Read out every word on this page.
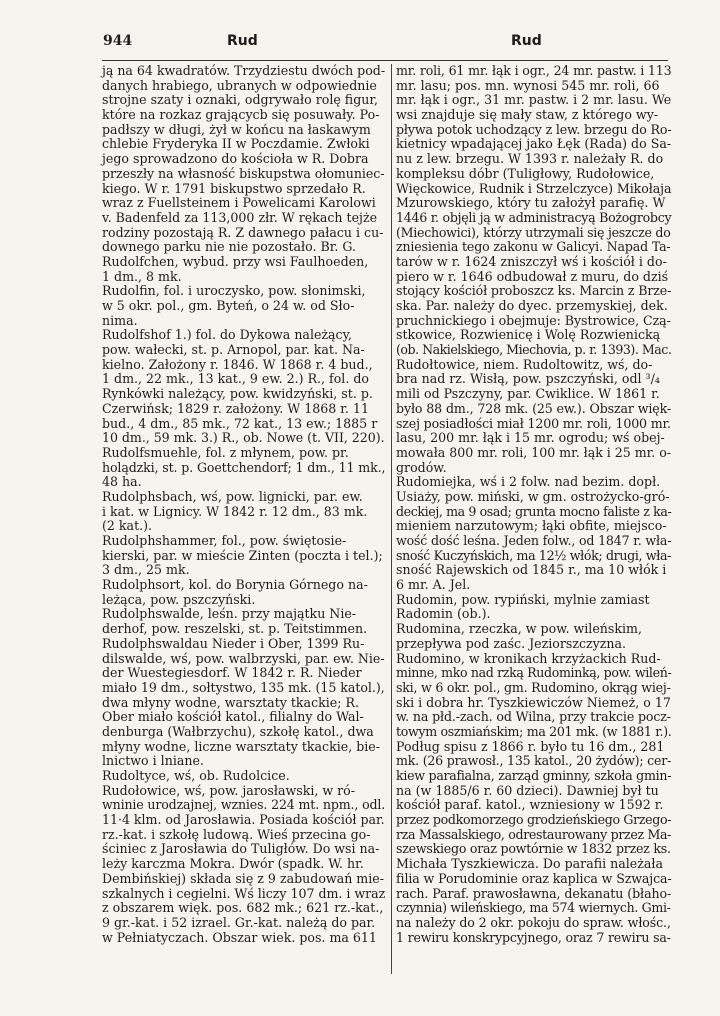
944	Rud	Rud
ją na 64 kwadratów. Trzydziestu dwóch pod-
danych hrabiego, ubranych w odpowiednie
strojne szaty i oznaki, odgrywało rolę figur,
które na rozkaz grającycb się posuwały. Po-
padłszy w długi, żył w końcu na łaskawym
chlebie Fryderyka II w Poczdamie. Zwłoki
jego sprowadzono do kościoła w R. Dobra
przeszły na własność biskupstwa ołomuniec-
kiego. W r. 1791 biskupstwo sprzedało R.
wraz z Fuellsteinem i Powelicami Karolowi
v. Badenfeld za 113,000 złr. W rękach tejże
rodziny pozostają R. Z dawnego pałacu i cu-
downego parku nie nie pozostało. Br. G.
Rudolfchen, wybud. przy wsi Faulhoeden,
1 dm., 8 mk.
Rudolfin, fol. i uroczysko, pow. słonimski,
w 5 okr. pol., gm. Byteń, o 24 w. od Sło-
nima.
Rudolfshof 1.) fol. do Dykowa należący,
pow. wałecki, st. p. Arnopol, par. kat. Na-
kielno. Założony r. 1846. W 1868 r. 4 bud.,
1 dm., 22 mk., 13 kat., 9 ew. 2.) R., fol. do
Rynkówki należący, pow. kwidzyński, st. p.
Czerwińsk; 1829 r. założony. W 1868 r. 11
bud., 4 dm., 85 mk., 72 kat., 13 ew.; 1885 r
10 dm., 59 mk. 3.) R., ob. Nowe (t. VII, 220).
Rudolfsmuehle, fol. z młynem, pow. pr.
holądzki, st. p. Goettchendorf; 1 dm., 11 mk.,
48 ha.
Rudolphsbach, wś, pow. lignicki, par. ew.
i kat. w Lignicy. W 1842 r. 12 dm., 83 mk.
(2 kat.).
Rudolphshammer, fol., pow. świętosie-
kierski, par. w mieście Zinten (poczta i tel.);
3 dm., 25 mk.
Rudolphsort, kol. do Borynia Górnego na-
leżąca, pow. pszczyński.
Rudolphswalde, leśn. przy majątku Nie-
derhof, pow. reszelski, st. p. Teitstimmen.
Rudolphswaldau Nieder i Ober, 1399 Ru-
dilswalde, wś, pow. walbrzyski, par. ew. Nie-
der Wuestegiesdorf. W 1842 r. R. Nieder
miało 19 dm., sołtystwo, 135 mk. (15 katol.),
dwa młyny wodne, warsztaty tkackie; R.
Ober miało kościół katol., filialny do Wal-
denburga (Wałbrzychu), szkołę katol., dwa
młyny wodne, liczne warsztaty tkackie, bie-
lnictwo i lniane.
Rudoltyce, wś, ob. Rudolcice.
Rudołowice, wś, pow. jarosławski, w ró-
wninie urodzajnej, wznies. 224 mt. npm., odl.
11·4 klm. od Jarosławia. Posiada kościół par.
rz.-kat. i szkołę ludową. Wieś przecina go-
ściniec z Jarosławia do Tuligłów. Do wsi na-
leży karczma Mokra. Dwór (spadk. W. hr.
Dembińskiej) składa się z 9 zabudowań mie-
szkalnych i cegielni. Wś liczy 107 dm. i wraz
z obszarem więk. pos. 682 mk.; 621 rz.-kat.,
9 gr.-kat. i 52 izrael. Gr.-kat. należą do par.
w Pełniatyczach. Obszar wiek. pos. ma 611
mr. roli, 61 mr. łąk i ogr., 24 mr. pastw. i 113
mr. lasu; pos. mn. wynosi 545 mr. roli, 66
mr. łąk i ogr., 31 mr. pastw. i 2 mr. lasu. We
wsi znajduje się mały staw, z którego wy-
pływa potok uchodzący z lew. brzegu do Ro-
kietnicy wpadającej jako Łęk (Rada) do Sa-
nu z lew. brzegu. W 1393 r. należały R. do
kompleksu dóbr (Tuligłowy, Rudołowice,
Więckowice, Rudnik i Strzelczyce) Mikołaja
Mzurowskiego, który tu założył parafię. W
1446 r. objęli ją w administracyą Bożogrobcy
(Miechowici), którzy utrzymali się jeszcze do
zniesienia tego zakonu w Galicyi. Napad Ta-
tarów w r. 1624 zniszczył wś i kościół i do-
piero w r. 1646 odbudował z muru, do dziś
stojący kościół proboszcz ks. Marcin z Brze-
ska. Par. należy do dyec. przemyskiej, dek.
pruchnickiego i obejmuje: Bystrowice, Czą-
stkowice, Rozwienicę i Wolę Rozwienicką
(ob. Nakielskiego, Miechovia, p. r. 1393). Mac.
Rudołtowice, niem. Rudoltowitz, wś, do-
bra nad rz. Wisłą, pow. pszczyński, odl ³/₄
mili od Pszczyny, par. Cwiklice. W 1861 r.
było 88 dm., 728 mk. (25 ew.). Obszar więk-
szej posiadłości miał 1200 mr. roli, 1000 mr.
lasu, 200 mr. łąk i 15 mr. ogrodu; wś obej-
mowała 800 mr. roli, 100 mr. łąk i 25 mr. o-
grodów.
Rudomiejka, wś i 2 folw. nad bezim. dopł.
Usiaży, pow. miński, w gm. ostrożycko-gró-
deckiej, ma 9 osad; grunta mocno faliste z ka-
mieniem narzutowym; łąki obfite, miejsco-
wość dość leśna. Jeden folw., od 1847 r. wła-
sność Kuczyńskich, ma 12½ włók; drugi, wła-
sność Rajewskich od 1845 r., ma 10 włók i
6 mr. A. Jel.
Rudomin, pow. rypiński, mylnie zamiast
Radomin (ob.).
Rudomina, rzeczka, w pow. wileńskim,
przepływa pod zaśc. Jeziorszczyzna.
Rudomino, w kronikach krzyżackich Rud-
minne, mko nad rzką Rudominką, pow. wileń-
ski, w 6 okr. pol., gm. Rudomino, okrąg wiej-
ski i dobra hr. Tyszkiewiczów Niemeż, o 17
w. na płd.-zach. od Wilna, przy trakcie pocz-
towym oszmiańskim; ma 201 mk. (w 1881 r.).
Podług spisu z 1866 r. było tu 16 dm., 281
mk. (26 prawosł., 135 katol., 20 żydów); cer-
kiew parafialna, zarząd gminny, szkoła gmin-
na (w 1885/6 r. 60 dzieci). Dawniej był tu
kościół paraf. katol., wzniesiony w 1592 r.
przez podkomorzego grodzieńskiego Grzego-
rza Massalskiego, odrestaurowany przez Ma-
szewskiego oraz powtórnie w 1832 przez ks.
Michała Tyszkiewicza. Do parafii należała
filia w Porudominie oraz kaplica w Szwajca-
rach. Paraf. prawosławna, dekanatu (błaho-
czynnia) wileńskiego, ma 574 wiernych. Gmi-
na należy do 2 okr. pokoju do spraw. włośc.,
1 rewiru konskrypcyjnego, oraz 7 rewiru sa-
